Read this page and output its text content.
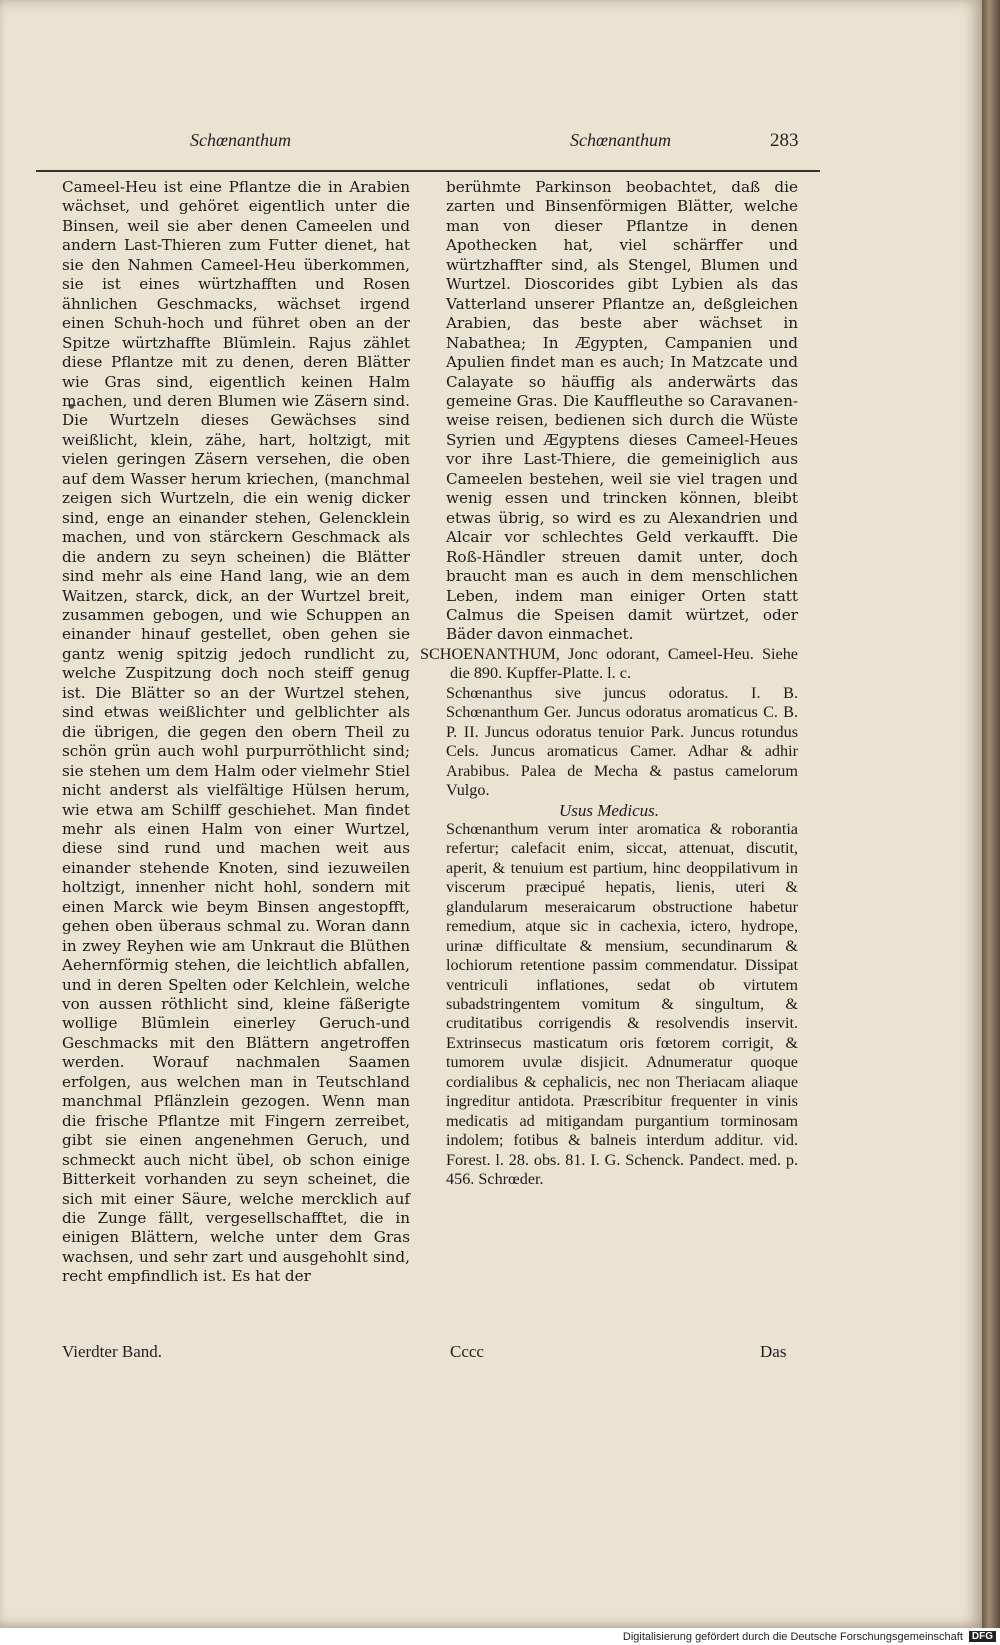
Schœnanthum	Schœnanthum	283

Cameel-Heu ist eine Pflantze die in Arabien wächset, und gehöret eigentlich unter die Binsen, weil sie aber denen Cameelen und andern Last-Thieren zum Futter dienet, hat sie den Nahmen Cameel-Heu überkommen, sie ist eines würtzhafften und Rosen ähnlichen Geschmacks, wächset irgend einen Schuh-hoch und führet oben an der Spitze würtzhaffte Blümlein. Rajus zählet diese Pflantze mit zu denen, deren Blätter wie Gras sind, eigentlich keinen Halm machen, und deren Blumen wie Zäsern sind. Die Wurtzeln dieses Gewächses sind weißlicht, klein, zähe, hart, holtzigt, mit vielen geringen Zäsern versehen, die oben auf dem Wasser herum kriechen, (manchmal zeigen sich Wurtzeln, die ein wenig dicker sind, enge an einander stehen, Gelencklein machen, und von stärckern Geschmack als die andern zu seyn scheinen) die Blätter sind mehr als eine Hand lang, wie an dem Waitzen, starck, dick, an der Wurtzel breit, zusammen gebogen, und wie Schuppen an einander hinauf gestellet, oben gehen sie gantz wenig spitzig jedoch rundlicht zu, welche Zuspitzung doch noch steiff genug ist. Die Blätter so an der Wurtzel stehen, sind etwas weißlichter und gelblichter als die übrigen, die gegen den obern Theil zu schön grün auch wohl purpurröthlicht sind; sie stehen um dem Halm oder vielmehr Stiel nicht anderst als vielfältige Hülsen herum, wie etwa am Schilff geschiehet. Man findet mehr als einen Halm von einer Wurtzel, diese sind rund und machen weit aus einander stehende Knoten, sind iezuweilen holtzigt, innenher nicht hohl, sondern mit einen Marck wie beym Binsen angestopfft, gehen oben überaus schmal zu. Woran dann in zwey Reyhen wie am Unkraut die Blüthen Aehernförmig stehen, die leichtlich abfallen, und in deren Spelten oder Kelchlein, welche von aussen röthlicht sind, kleine fäßerigte wollige Blümlein einerley Geruch-und Geschmacks mit den Blättern angetroffen werden. Worauf nachmalen Saamen erfolgen, aus welchen man in Teutschland manchmal Pflänzlein gezogen. Wenn man die frische Pflantze mit Fingern zerreibet, gibt sie einen angenehmen Geruch, und schmeckt auch nicht übel, ob schon einige Bitterkeit vorhanden zu seyn scheinet, die sich mit einer Säure, welche mercklich auf die Zunge fällt, vergesellschafftet, die in einigen Blättern, welche unter dem Gras wachsen, und sehr zart und ausgehohlt sind, recht empfindlich ist. Es hat der

berühmte Parkinson beobachtet, daß die zarten und Binsenförmigen Blätter, welche man von dieser Pflantze in denen Apothecken hat, viel schärffer und würtzhaffter sind, als Stengel, Blumen und Wurtzel. Dioscorides gibt Lybien als das Vatterland unserer Pflantze an, deßgleichen Arabien, das beste aber wächset in Nabathea; In Ægypten, Campanien und Apulien findet man es auch; In Matzcate und Calayate so häuffig als anderwärts das gemeine Gras. Die Kauffleuthe so Caravanen-weise reisen, bedienen sich durch die Wüste Syrien und Ægyptens dieses Cameel-Heues vor ihre Last-Thiere, die gemeiniglich aus Cameelen bestehen, weil sie viel tragen und wenig essen und trincken können, bleibt etwas übrig, so wird es zu Alexandrien und Alcair vor schlechtes Geld verkaufft. Die Roß-Händler streuen damit unter, doch braucht man es auch in dem menschlichen Leben, indem man einiger Orten statt Calmus die Speisen damit würtzet, oder Bäder davon einmachet.

SCHOENANTHUM, Jonc odorant, Cameel-Heu. Siehe die 890. Kupffer-Platte. l. c.

Schœnanthus sive juncus odoratus. I. B. Schœnanthum Ger. Juncus odoratus aromaticus C. B. P. II. Juncus odoratus tenuior Park. Juncus rotundus Cels. Juncus aromaticus Camer. Adhar & adhir Arabibus. Palea de Mecha & pastus camelorum Vulgo.

Usus Medicus.

Schœnanthum verum inter aromatica & roborantia refertur; calefacit enim, siccat, attenuat, discutit, aperit, & tenuium est partium, hinc deoppilativum in viscerum præcipué hepatis, lienis, uteri & glandularum meseraicarum obstructione habetur remedium, atque sic in cachexia, ictero, hydrope, urinæ difficultate & mensium, secundinarum & lochiorum retentione passim commendatur. Dissipat ventriculi inflationes, sedat ob virtutem subadstringentem vomitum & singultum, & cruditatibus corrigendis & resolvendis inservit. Extrinsecus masticatum oris fœtorem corrigit, & tumorem uvulæ disjicit. Adnumeratur quoque cordialibus & cephalicis, nec non Theriacam aliaque ingreditur antidota. Præscribitur frequenter in vinis medicatis ad mitigandam purgantium torminosam indolem; fotibus & balneis interdum additur. vid. Forest. l. 28. obs. 81. I. G. Schenck. Pandect. med. p. 456. Schrœder.

Vierdter Band.	Cccc	Das
Digitalisierung gefördert durch die Deutsche Forschungsgemeinschaft DFG
